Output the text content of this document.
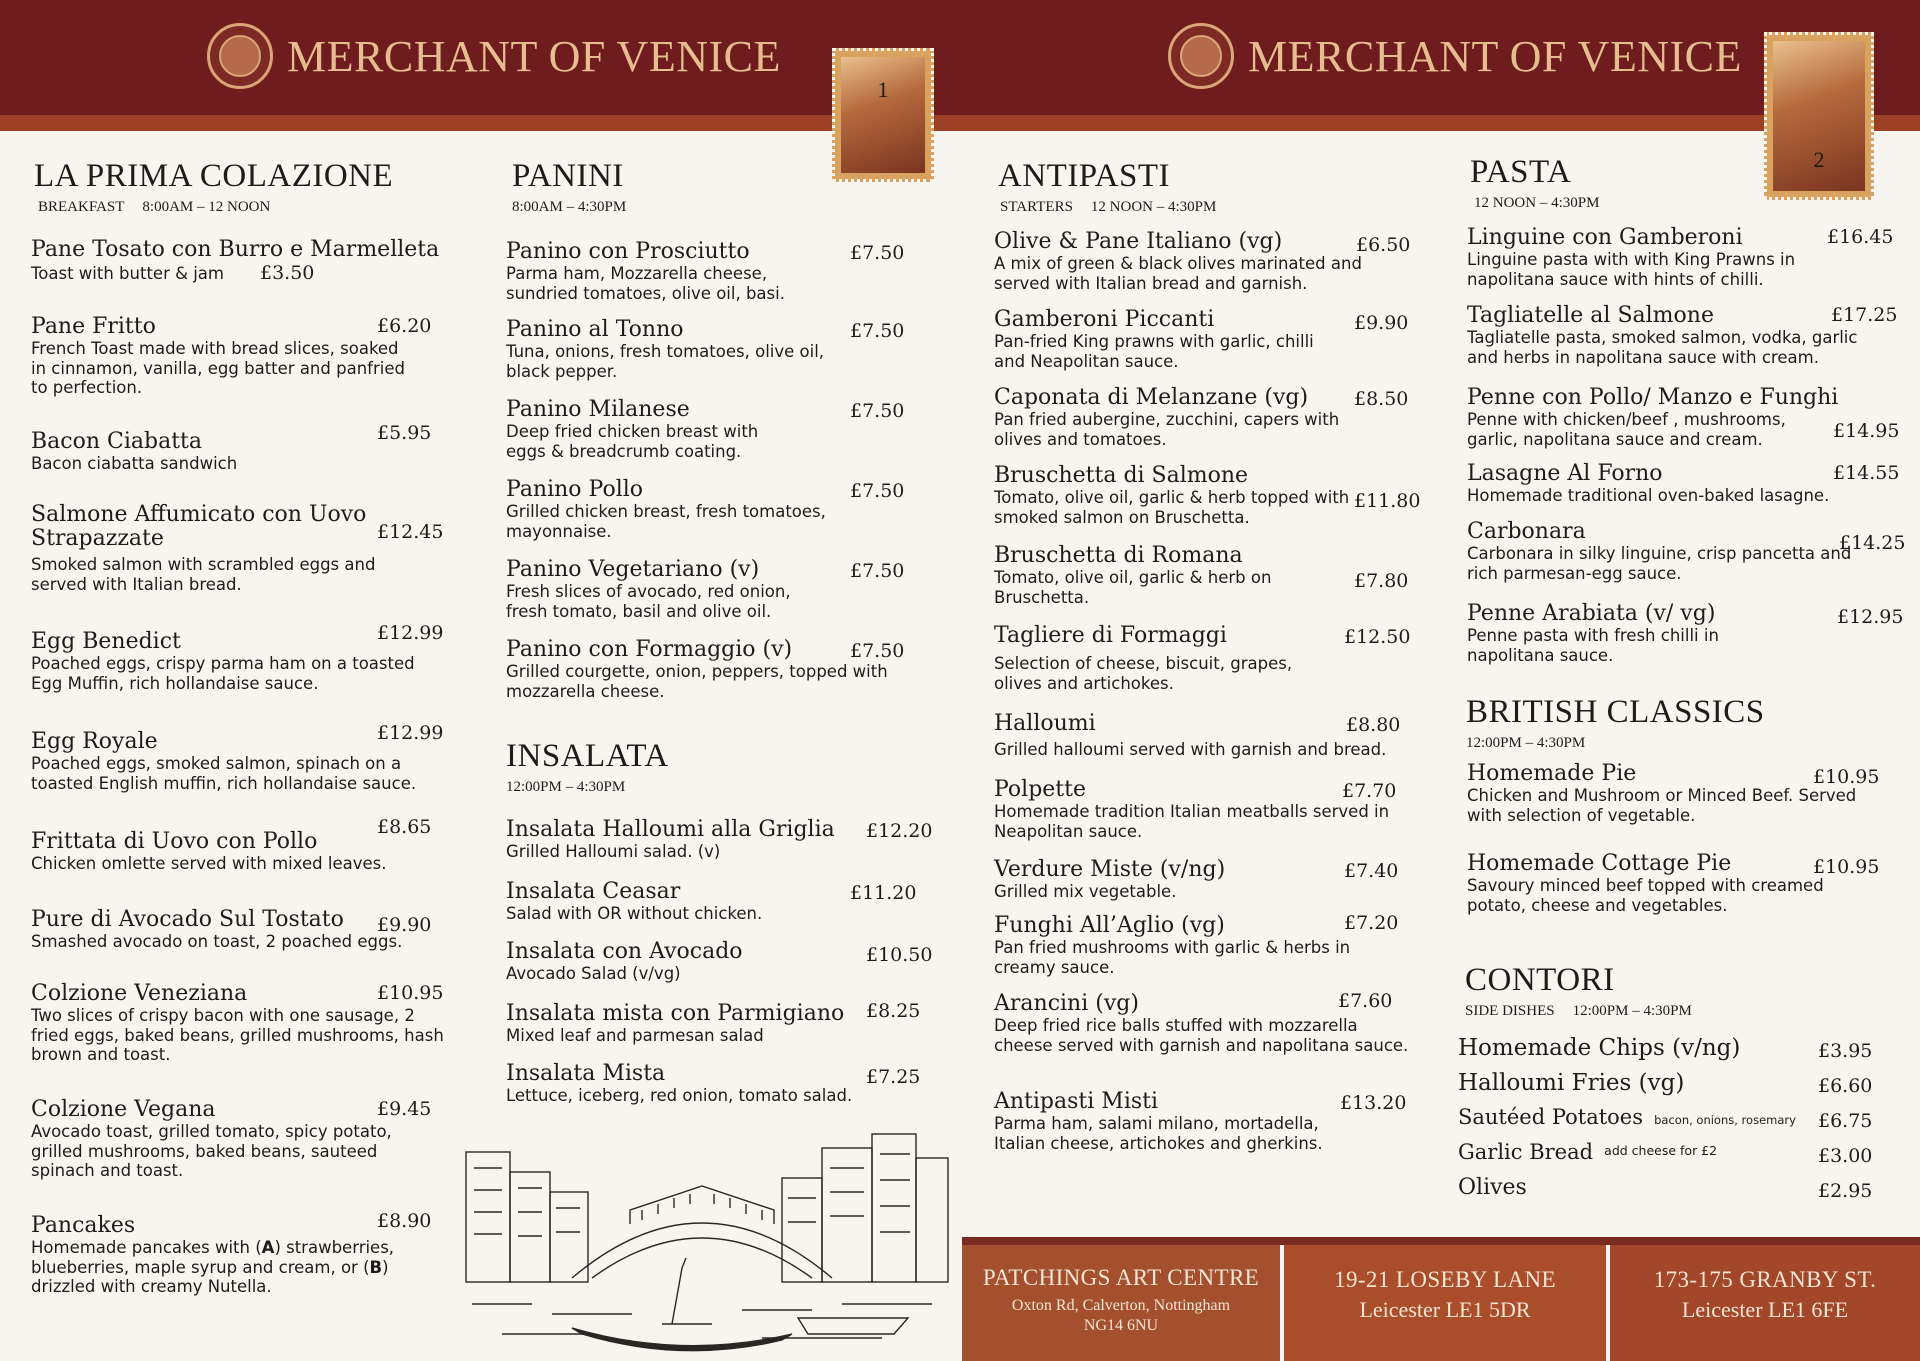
MERCHANT OF VENICE	MERCHANT OF VENICE
1
2
LA PRIMA COLAZIONE
BREAKFAST 8:00AM – 12 NOON
Pane Tosato con Burro e Marmelleta
Toast with butter & jam £3.50
Pane Fritto
French Toast made with bread slices, soaked in cinnamon, vanilla, egg batter and panfried to perfection.
£6.20
Bacon Ciabatta
Bacon ciabatta sandwich
£5.95
Salmone Affumicato con Uovo Strapazzate
Smoked salmon with scrambled eggs and served with Italian bread.
£12.45
Egg Benedict
Poached eggs, crispy parma ham on a toasted Egg Muffin, rich hollandaise sauce.
£12.99
Egg Royale
Poached eggs, smoked salmon, spinach on a toasted English muffin, rich hollandaise sauce.
£12.99
Frittata di Uovo con Pollo
Chicken omlette served with mixed leaves.
£8.65
Pure di Avocado Sul Tostato
Smashed avocado on toast, 2 poached eggs.
£9.90
Colzione Veneziana
Two slices of crispy bacon with one sausage, 2 fried eggs, baked beans, grilled mushrooms, hash brown and toast.
£10.95
Colzione Vegana
Avocado toast, grilled tomato, spicy potato, grilled mushrooms, baked beans, sauteed spinach and toast.
£9.45
Pancakes
Homemade pancakes with (A) strawberries, blueberries, maple syrup and cream, or (B) drizzled with creamy Nutella.
£8.90
PANINI
8:00AM – 4:30PM
Panino con Prosciutto
Parma ham, Mozzarella cheese, sundried tomatoes, olive oil, basi.
£7.50
Panino al Tonno
Tuna, onions, fresh tomatoes, olive oil, black pepper.
£7.50
Panino Milanese
Deep fried chicken breast with eggs & breadcrumb coating.
£7.50
Panino Pollo
Grilled chicken breast, fresh tomatoes, mayonnaise.
£7.50
Panino Vegetariano (v)
Fresh slices of avocado, red onion, fresh tomato, basil and olive oil.
£7.50
Panino con Formaggio (v)
Grilled courgette, onion, peppers, topped with mozzarella cheese.
£7.50
INSALATA
12:00PM – 4:30PM
Insalata Halloumi alla Griglia
Grilled Halloumi salad. (v)
£12.20
Insalata Ceasar
Salad with OR without chicken.
£11.20
Insalata con Avocado
Avocado Salad (v/vg)
£10.50
Insalata mista con Parmigiano
Mixed leaf and parmesan salad
£8.25
Insalata Mista
Lettuce, iceberg, red onion, tomato salad.
£7.25
ANTIPASTI
STARTERS 12 NOON – 4:30PM
Olive & Pane Italiano (vg)
A mix of green & black olives marinated and served with Italian bread and garnish.
£6.50
Gamberoni Piccanti
Pan-fried King prawns with garlic, chilli and Neapolitan sauce.
£9.90
Caponata di Melanzane (vg)
Pan fried aubergine, zucchini, capers with olives and tomatoes.
£8.50
Bruschetta di Salmone
Tomato, olive oil, garlic & herb topped with smoked salmon on Bruschetta.
£11.80
Bruschetta di Romana
Tomato, olive oil, garlic & herb on Bruschetta.
£7.80
Tagliere di Formaggi
Selection of cheese, biscuit, grapes, olives and artichokes.
£12.50
Halloumi
Grilled halloumi served with garnish and bread.
£8.80
Polpette
Homemade tradition Italian meatballs served in Neapolitan sauce.
£7.70
Verdure Miste (v/ng)
Grilled mix vegetable.
£7.40
Funghi All’Aglio (vg)
Pan fried mushrooms with garlic & herbs in creamy sauce.
£7.20
Arancini (vg)
Deep fried rice balls stuffed with mozzarella cheese served with garnish and napolitana sauce.
£7.60
Antipasti Misti
Parma ham, salami milano, mortadella, Italian cheese, artichokes and gherkins.
£13.20
PASTA
12 NOON – 4:30PM
Linguine con Gamberoni
Linguine pasta with with King Prawns in napolitana sauce with hints of chilli.
£16.45
Tagliatelle al Salmone
Tagliatelle pasta, smoked salmon, vodka, garlic and herbs in napolitana sauce with cream.
£17.25
Penne con Pollo/ Manzo e Funghi
Penne with chicken/beef , mushrooms, garlic, napolitana sauce and cream.	£14.95
Lasagne Al Forno
Homemade traditional oven-baked lasagne.
£14.55
Carbonara
Carbonara in silky linguine, crisp pancetta and rich parmesan-egg sauce.
£14.25
Penne Arabiata (v/ vg)
Penne pasta with fresh chilli in napolitana sauce.
£12.95
BRITISH CLASSICS
12:00PM – 4:30PM
Homemade Pie
Chicken and Mushroom or Minced Beef. Served with selection of vegetable.
£10.95
Homemade Cottage Pie
Savoury minced beef topped with creamed potato, cheese and vegetables.
£10.95
CONTORI
SIDE DISHES 12:00PM – 4:30PM
Homemade Chips (v/ng)	£3.95
Halloumi Fries (vg)	£6.60
Sautéed Potatoes bacon, onions, rosemary £6.75
Garlic Bread $^{add cheese for £2}$	£3.00
Olives	£2.95
PATCHINGS ART CENTRE
Oxton Rd, Calverton, Nottingham
NG14 6NU
19-21 LOSEBY LANE
Leicester LE1 5DR
173-175 GRANBY ST.
Leicester LE1 6FE
